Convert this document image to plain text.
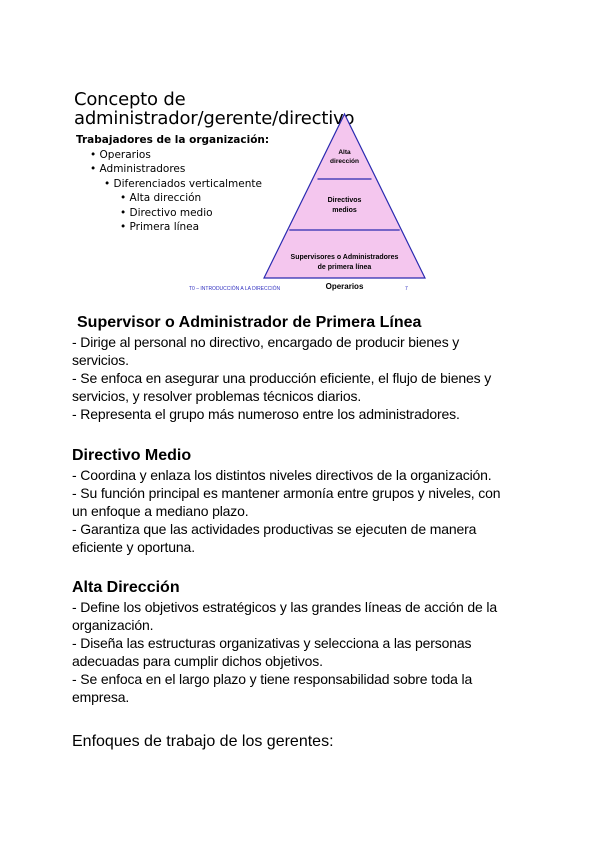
Concepto de
administrador/gerente/directivo
Trabajadores de la organización:
• Operarios
• Administradores
• Diferenciados verticalmente
• Alta dirección
• Directivo medio
• Primera línea
Alta
dirección
Directivos
medios
Supervisores o Administradores
de primera línea
Operarios
T0 – INTRODUCCIÓN A LA DIRECCIÓN	7
Supervisor o Administrador de Primera Línea

- Dirige al personal no directivo, encargado de producir bienes y

servicios.

- Se enfoca en asegurar una producción eficiente, el flujo de bienes y

servicios, y resolver problemas técnicos diarios.

- Representa el grupo más numeroso entre los administradores.

Directivo Medio

- Coordina y enlaza los distintos niveles directivos de la organización.

- Su función principal es mantener armonía entre grupos y niveles, con

un enfoque a mediano plazo.

- Garantiza que las actividades productivas se ejecuten de manera

eficiente y oportuna.

Alta Dirección

- Define los objetivos estratégicos y las grandes líneas de acción de la

organización.

- Diseña las estructuras organizativas y selecciona a las personas

adecuadas para cumplir dichos objetivos.

- Se enfoca en el largo plazo y tiene responsabilidad sobre toda la

empresa.

Enfoques de trabajo de los gerentes:
